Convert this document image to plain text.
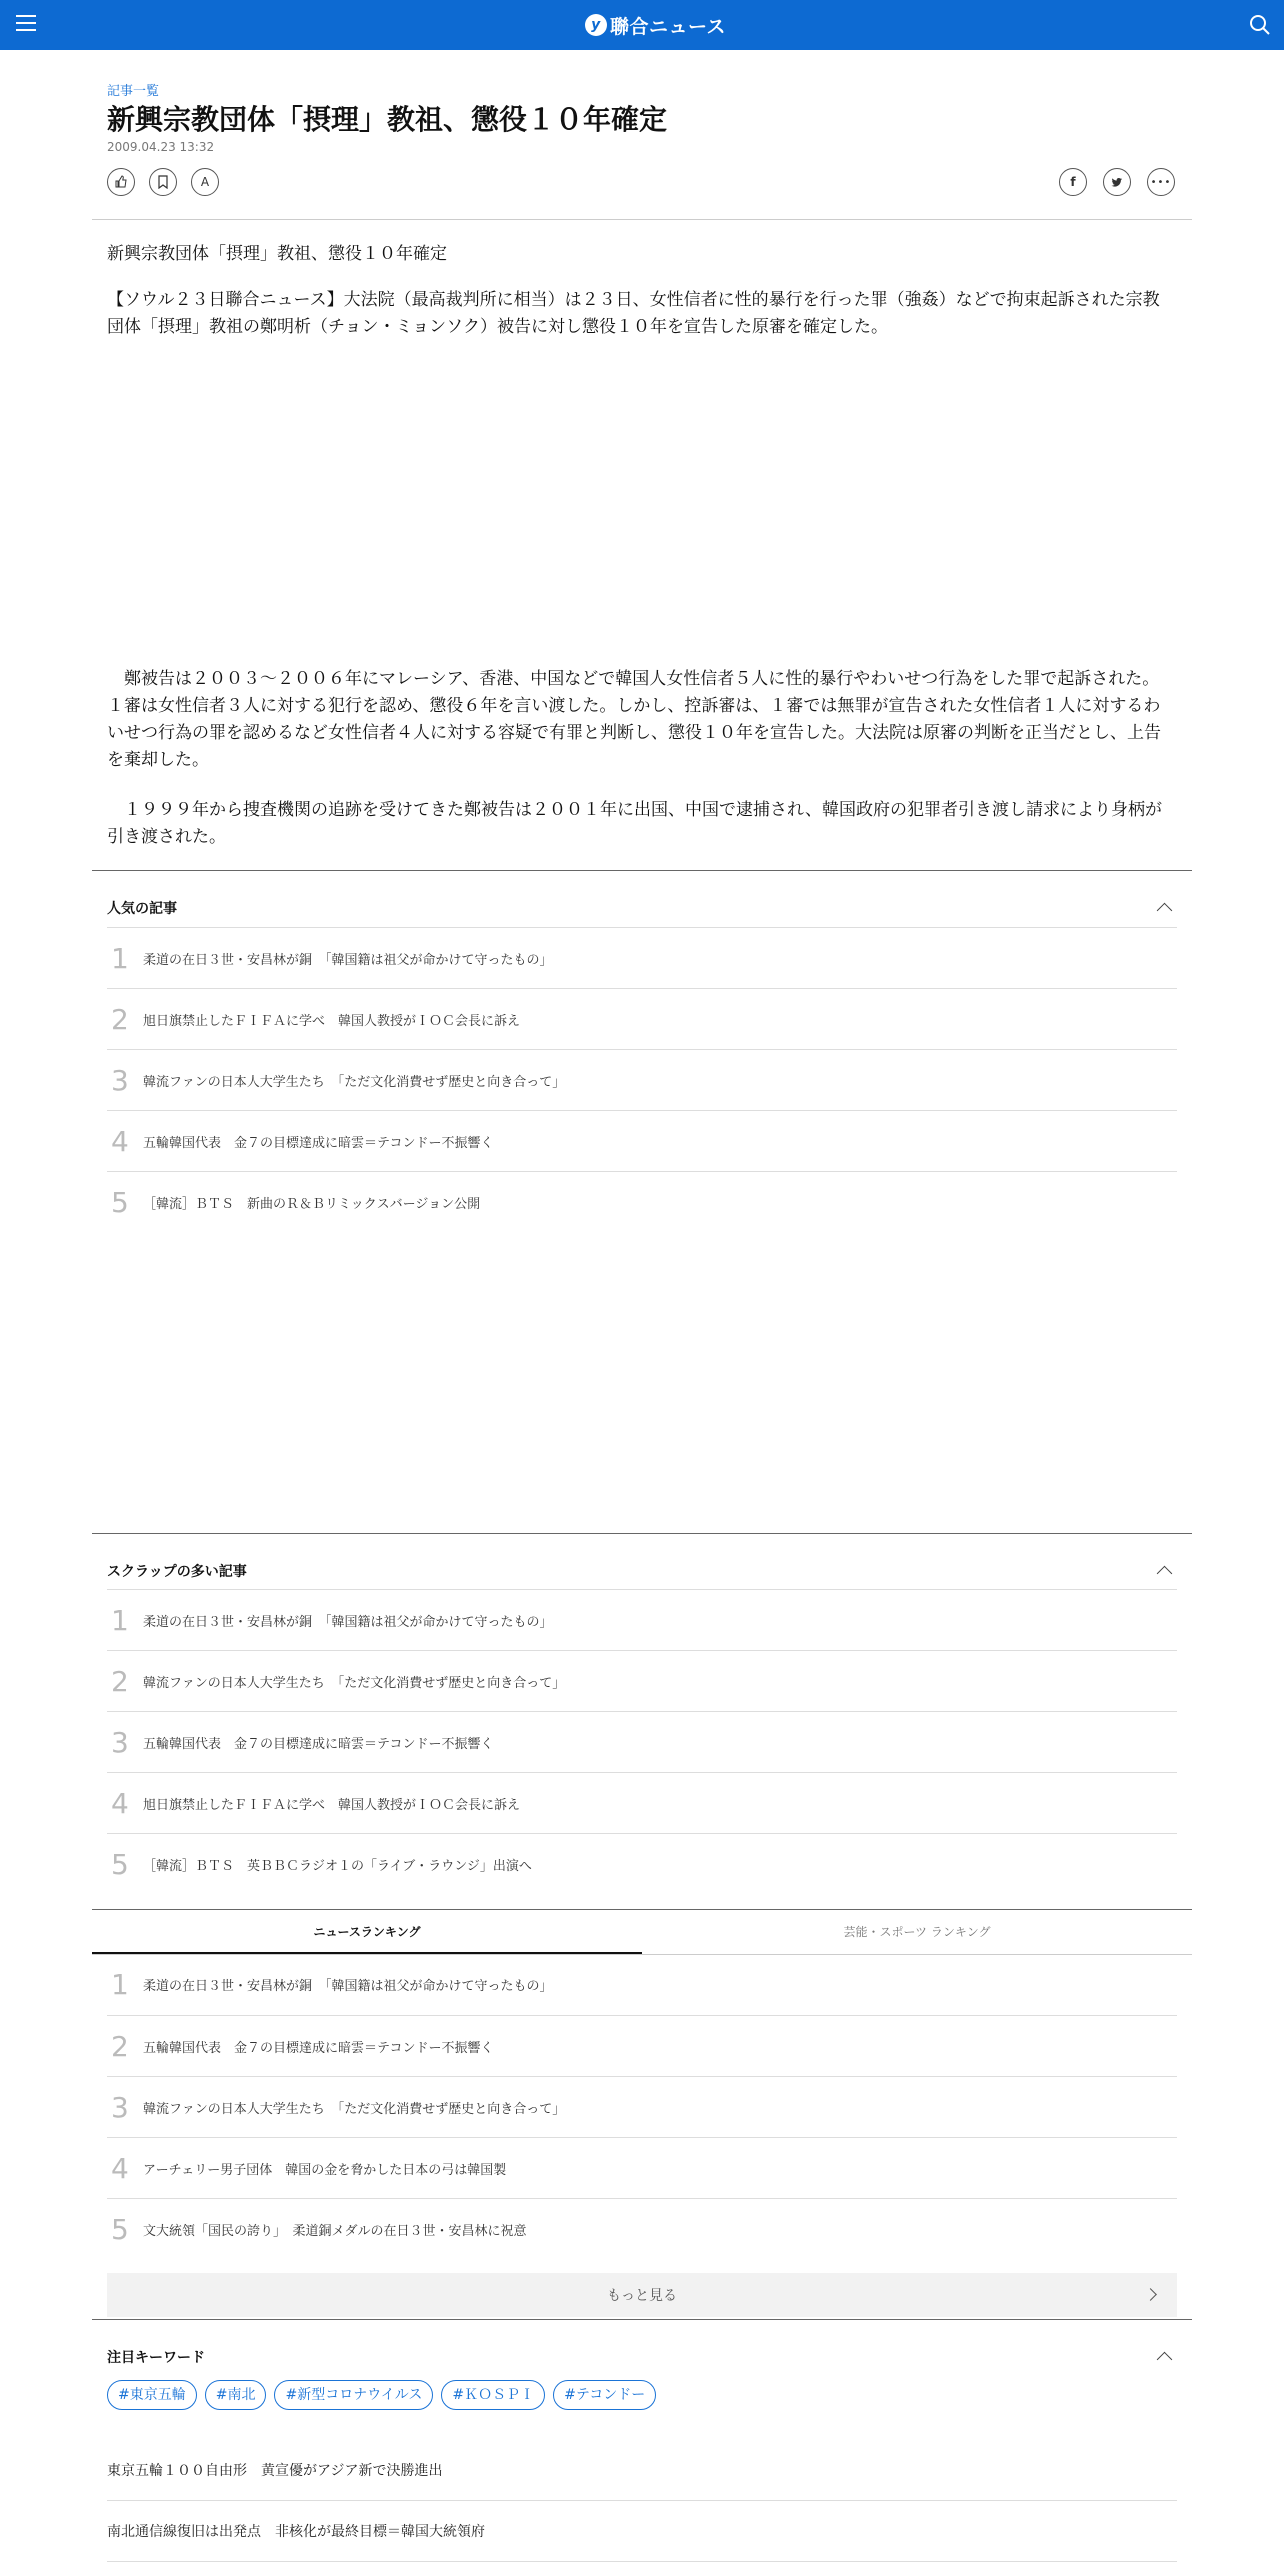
y 聯合ニュース
記事一覧
新興宗教団体「摂理」教祖、懲役１０年確定
2009.04.23 13:32
A	f	•••

新興宗教団体「摂理」教祖、懲役１０年確定

【ソウル２３日聯合ニュース】大法院（最高裁判所に相当）は２３日、女性信者に性的暴行を行った罪（強姦）などで拘束起訴された宗教団体「摂理」教祖の鄭明析（チョン・ミョンソク）被告に対し懲役１０年を宣告した原審を確定した。

　鄭被告は２００３～２００６年にマレーシア、香港、中国などで韓国人女性信者５人に性的暴行やわいせつ行為をした罪で起訴された。１審は女性信者３人に対する犯行を認め、懲役６年を言い渡した。しかし、控訴審は、１審では無罪が宣告された女性信者１人に対するわいせつ行為の罪を認めるなど女性信者４人に対する容疑で有罪と判断し、懲役１０年を宣告した。大法院は原審の判断を正当だとし、上告を棄却した。

　１９９９年から捜査機関の追跡を受けてきた鄭被告は２００１年に出国、中国で逮捕され、韓国政府の犯罪者引き渡し請求により身柄が引き渡された。

人気の記事
1	柔道の在日３世・安昌林が銅　「韓国籍は祖父が命かけて守ったもの」
2	旭日旗禁止したＦＩＦＡに学べ　韓国人教授がＩＯＣ会長に訴え
3	韓流ファンの日本人大学生たち　「ただ文化消費せず歴史と向き合って」
4	五輪韓国代表　金７の目標達成に暗雲＝テコンドー不振響く
5	［韓流］ＢＴＳ　新曲のＲ＆Ｂリミックスバージョン公開
スクラップの多い記事
1	柔道の在日３世・安昌林が銅　「韓国籍は祖父が命かけて守ったもの」
2	韓流ファンの日本人大学生たち　「ただ文化消費せず歴史と向き合って」
3	五輪韓国代表　金７の目標達成に暗雲＝テコンドー不振響く
4	旭日旗禁止したＦＩＦＡに学べ　韓国人教授がＩＯＣ会長に訴え
5	［韓流］ＢＴＳ　英ＢＢＣラジオ１の「ライブ・ラウンジ」出演へ
ニュースランキング	芸能・スポーツ ランキング
1	柔道の在日３世・安昌林が銅　「韓国籍は祖父が命かけて守ったもの」
2	五輪韓国代表　金７の目標達成に暗雲＝テコンドー不振響く
3	韓流ファンの日本人大学生たち　「ただ文化消費せず歴史と向き合って」
4	アーチェリー男子団体　韓国の金を脅かした日本の弓は韓国製
5	文大統領「国民の誇り」　柔道銅メダルの在日３世・安昌林に祝意
もっと見る
注目キーワード
#東京五輪	#南北	#新型コロナウイルス	#ＫＯＳＰＩ	#テコンドー
東京五輪１００自由形　黄宣優がアジア新で決勝進出
南北通信線復旧は出発点　非核化が最終目標＝韓国大統領府
